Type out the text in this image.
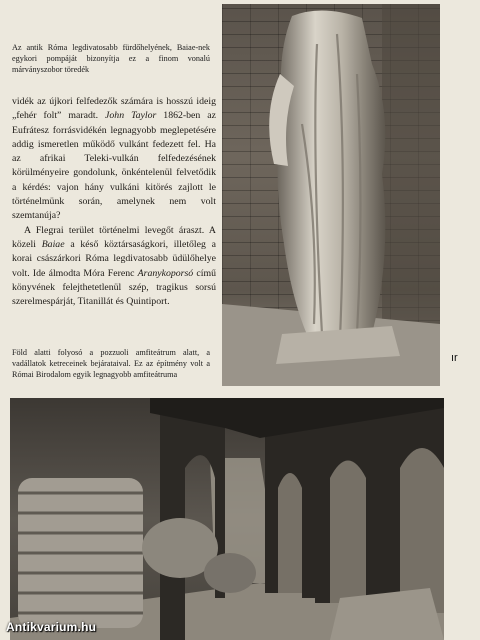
Az antik Róma legdivatosabb fürdőhelyének, Baiae-nek egykori pompáját bizonyítja ez a finom vonalú márványszobor töredék

vidék az újkori felfedezők számára is hosszú ideig „fehér folt” maradt. John Taylor 1862-ben az Eufrátesz forrásvidékén legnagyobb meglepetésére addig ismeretlen működő vulkánt fedezett fel. Ha az afrikai Teleki-vulkán felfedezésének körülményeire gondolunk, önkéntelenül felvetődik a kérdés: vajon hány vulkáni kitörés zajlott le történelmünk során, amelynek nem volt szemtanúja?

A Flegrai terület történelmi levegőt áraszt. A közeli Baiae a késő köztársaságkori, illetőleg a korai császárkori Róma legdivatosabb üdülőhelye volt. Ide álmodta Móra Ferenc Aranykoporsó című könyvének felejthetetlenül szép, tragikus sorsú szerelmespárját, Titanillát és Quintiport.

Föld alatti folyosó a pozzuoli amfiteátrum alatt, a vadállatok ketreceinek bejárataival. Ez az építmény volt a Római Birodalom egyik legnagyobb amfiteátruma
ır
Antikvarium.hu
